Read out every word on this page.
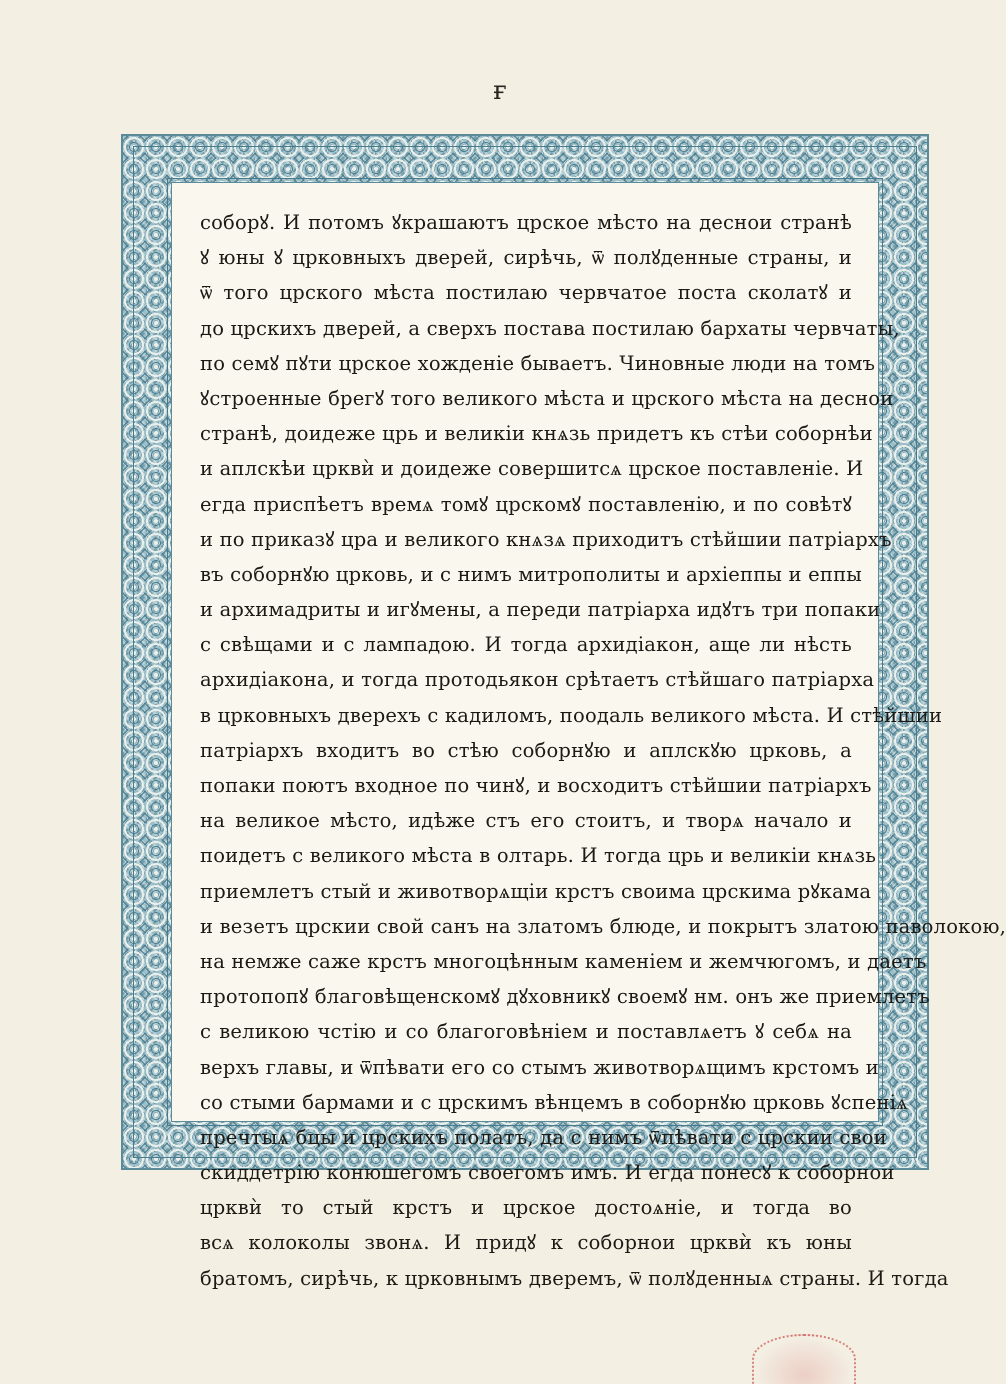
ғ
соборꙋ. И потомъ ꙋкрашаютъ црское мѣсто на деснои странѣ
ꙋ юны ꙋ црковныхъ дверей, сирѣчь, ѿ полꙋденные страны, и
ѿ того црского мѣста постилаю червчатое поста сколатꙋ и
до црскихъ дверей, а сверхъ постава постилаю бархаты червчаты,
по семꙋ пꙋти црское хожденіе бываетъ. Чиновные люди на томъ
ꙋстроенные брегꙋ того великого мѣста и црского мѣста на деснои
странѣ, доидеже црь и великіи кнѧзь придетъ къ стѣи соборнѣи
и аплскѣи црквѝ и доидеже совершитсѧ црское поставленіе. И
егда приспѣетъ времѧ томꙋ црскомꙋ поставленію, и по совѣтꙋ
и по приказꙋ цра и великого кнѧзѧ приходитъ стѣйшии патріархъ
въ соборнꙋю црковь, и с нимъ митрополиты и архіеппы и еппы
и архимадриты и игꙋмены, а переди патріарха идꙋтъ три попаки
с свѣщами и с лампадою. И тогда архидіакон, аще ли нѣсть
архидіакона, и тогда протодьякон срѣтаетъ стѣйшаго патріарха
в црковныхъ дверехъ с кадиломъ, поодаль великого мѣста. И стѣйшии
патріархъ входитъ во стѣю соборнꙋю и аплскꙋю црковь, а
попаки поютъ входное по чинꙋ, и восходитъ стѣйшии патріархъ
на великое мѣсто, идѣже стъ его стоитъ, и творѧ начало и
поидетъ с великого мѣста в олтарь. И тогда црь и великіи кнѧзь
приемлетъ стый и животворѧщіи крстъ своима црскима рꙋкама
и везетъ црскии свой санъ на златомъ блюде, и покрытъ златою паволокою,
на немже саже крстъ многоцѣнным каменіем и жемчюгомъ, и даетъ
протопопꙋ благовѣщенскомꙋ дꙋховникꙋ своемꙋ нм. онъ же приемлетъ
с великою чстію и со благоговѣніем и поставлѧетъ ꙋ себѧ на
верхъ главы, и ѿпѣвати его со стымъ животворѧщимъ крстомъ и
со стыми бармами и с црскимъ вѣнцемъ в соборнꙋю црковь ꙋспеніѧ
пречтыѧ бцы и црскихъ полатъ, да с нимъ ѿпѣвати с црскии свои
скиддетрію конюшегомъ своегомъ имъ. И егда понесꙋ к соборнои
црквѝ то стый крстъ и црское достоѧніе, и тогда во
всѧ колоколы звонѧ. И придꙋ к соборнои црквѝ къ юны
братомъ, сирѣчь, к црковнымъ дверемъ, ѿ полꙋденныѧ страны. И тогда
